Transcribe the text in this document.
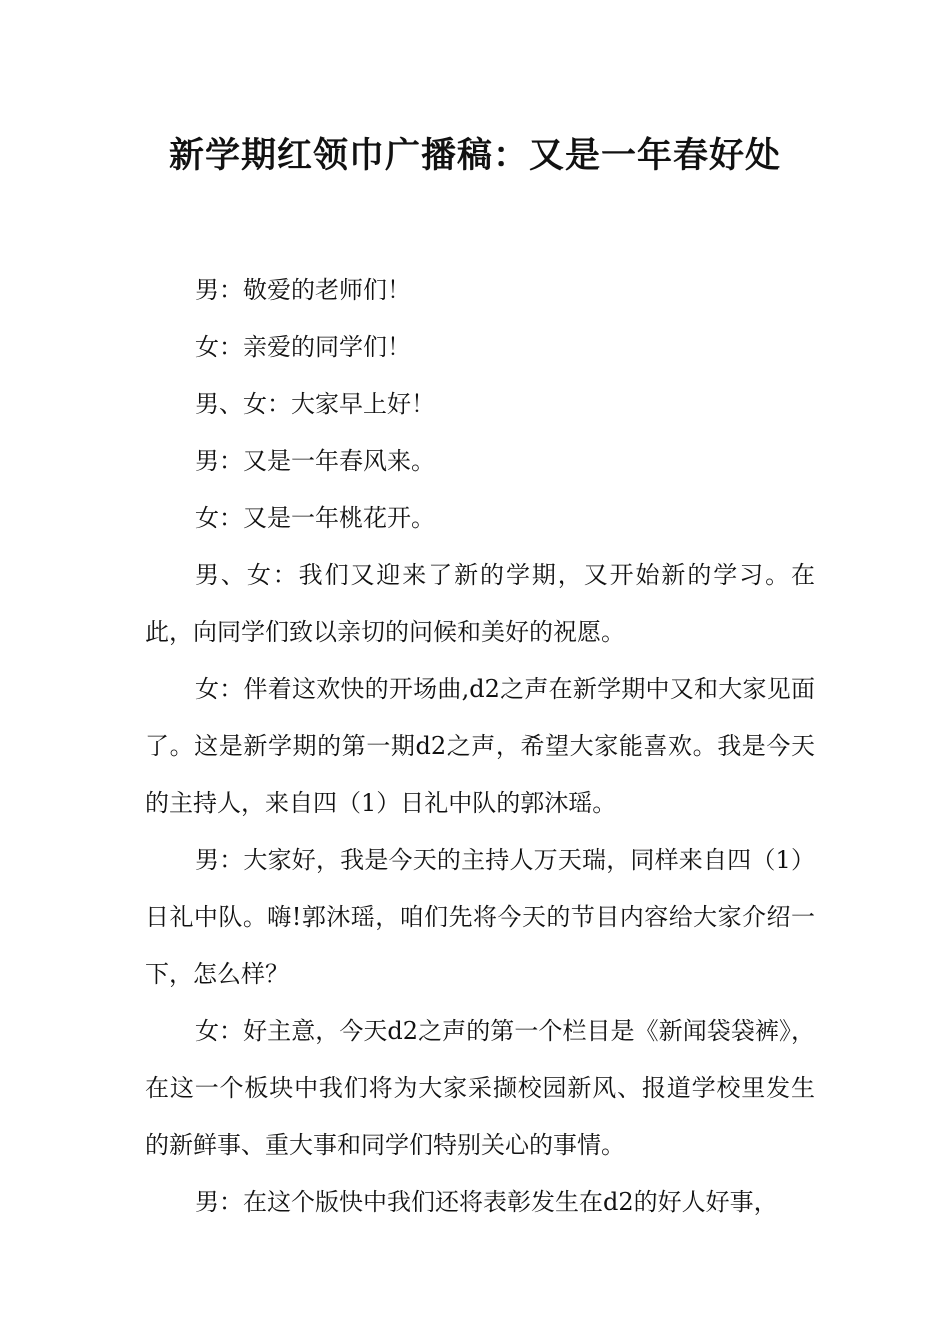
新学期红领巾广播稿：又是一年春好处

男：敬爱的老师们！

女：亲爱的同学们！

男、女：大家早上好！

男：又是一年春风来。

女：又是一年桃花开。

男、女：我们又迎来了新的学期，又开始新的学习。在此，向同学们致以亲切的问候和美好的祝愿。

女：伴着这欢快的开场曲,d2之声在新学期中又和大家见面了。这是新学期的第一期d2之声，希望大家能喜欢。我是今天的主持人，来自四（1）日礼中队的郭沐瑶。

男：大家好，我是今天的主持人万天瑞，同样来自四（1）日礼中队。嗨!郭沐瑶，咱们先将今天的节目内容给大家介绍一下，怎么样？

女：好主意，今天d2之声的第一个栏目是《新闻袋袋裤》，在这一个板块中我们将为大家采撷校园新风、报道学校里发生的新鲜事、重大事和同学们特别关心的事情。

男：在这个版快中我们还将表彰发生在d2的好人好事，
